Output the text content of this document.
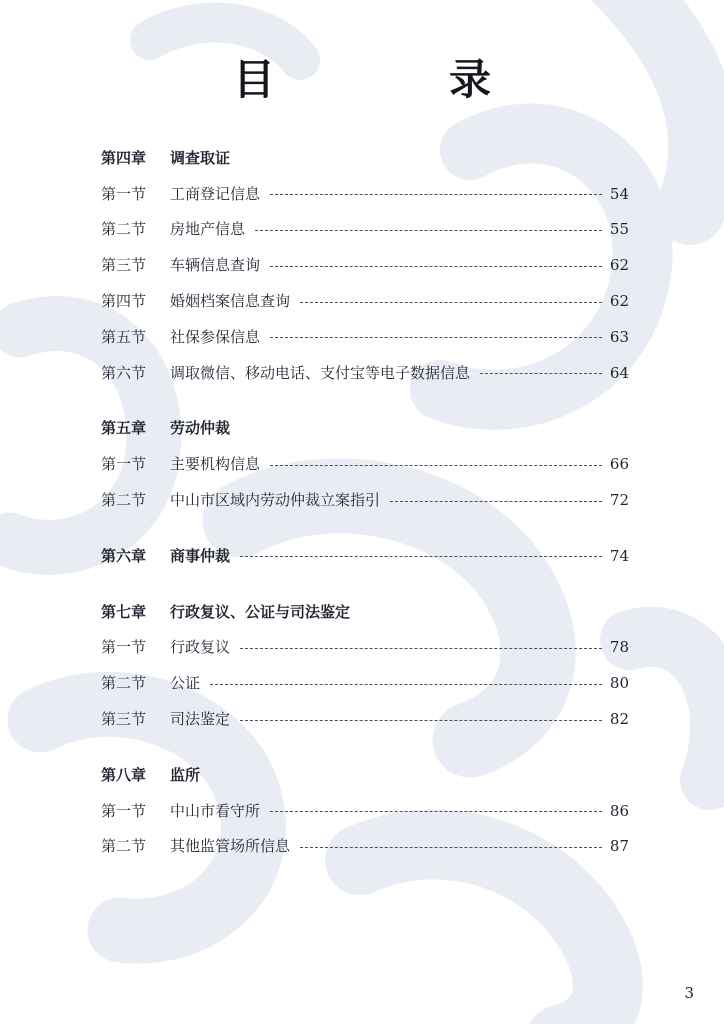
目　录
第四章	调查取证
第一节	工商登记信息	54
第二节	房地产信息	55
第三节	车辆信息查询	62
第四节	婚姻档案信息查询	62
第五节	社保参保信息	63
第六节	调取微信、移动电话、支付宝等电子数据信息	64
第五章	劳动仲裁
第一节	主要机构信息	66
第二节	中山市区域内劳动仲裁立案指引	72
第六章	商事仲裁	74
第七章	行政复议、公证与司法鉴定
第一节	行政复议	78
第二节	公证	80
第三节	司法鉴定	82
第八章	监所
第一节	中山市看守所	86
第二节	其他监管场所信息	87
3
